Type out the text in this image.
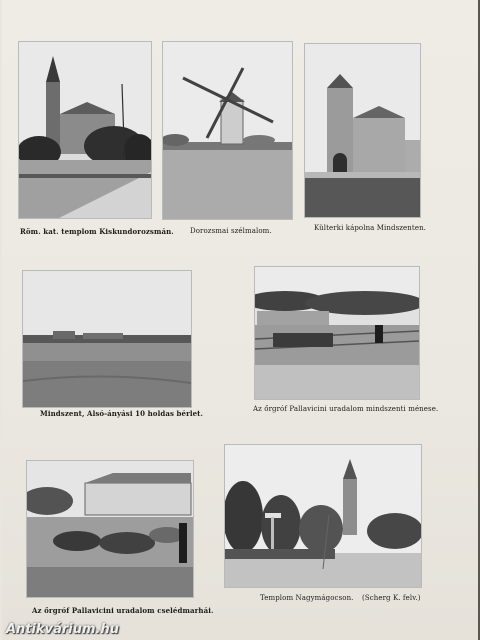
Röm. kat. templom Kiskundorozsmán. Dorozsmai szélmalom.	Külterki kápolna Mindszenten.
Mindszent, Alsó-ányási 10 holdas bérlet.	Az őrgróf Pallavicini uradalom mindszenti ménese.
Az őrgróf Pallavicini uradalom cselédmarhái.
Templom Nagymágocson. (Scherg K. felv.)
Antikvárium.hu
